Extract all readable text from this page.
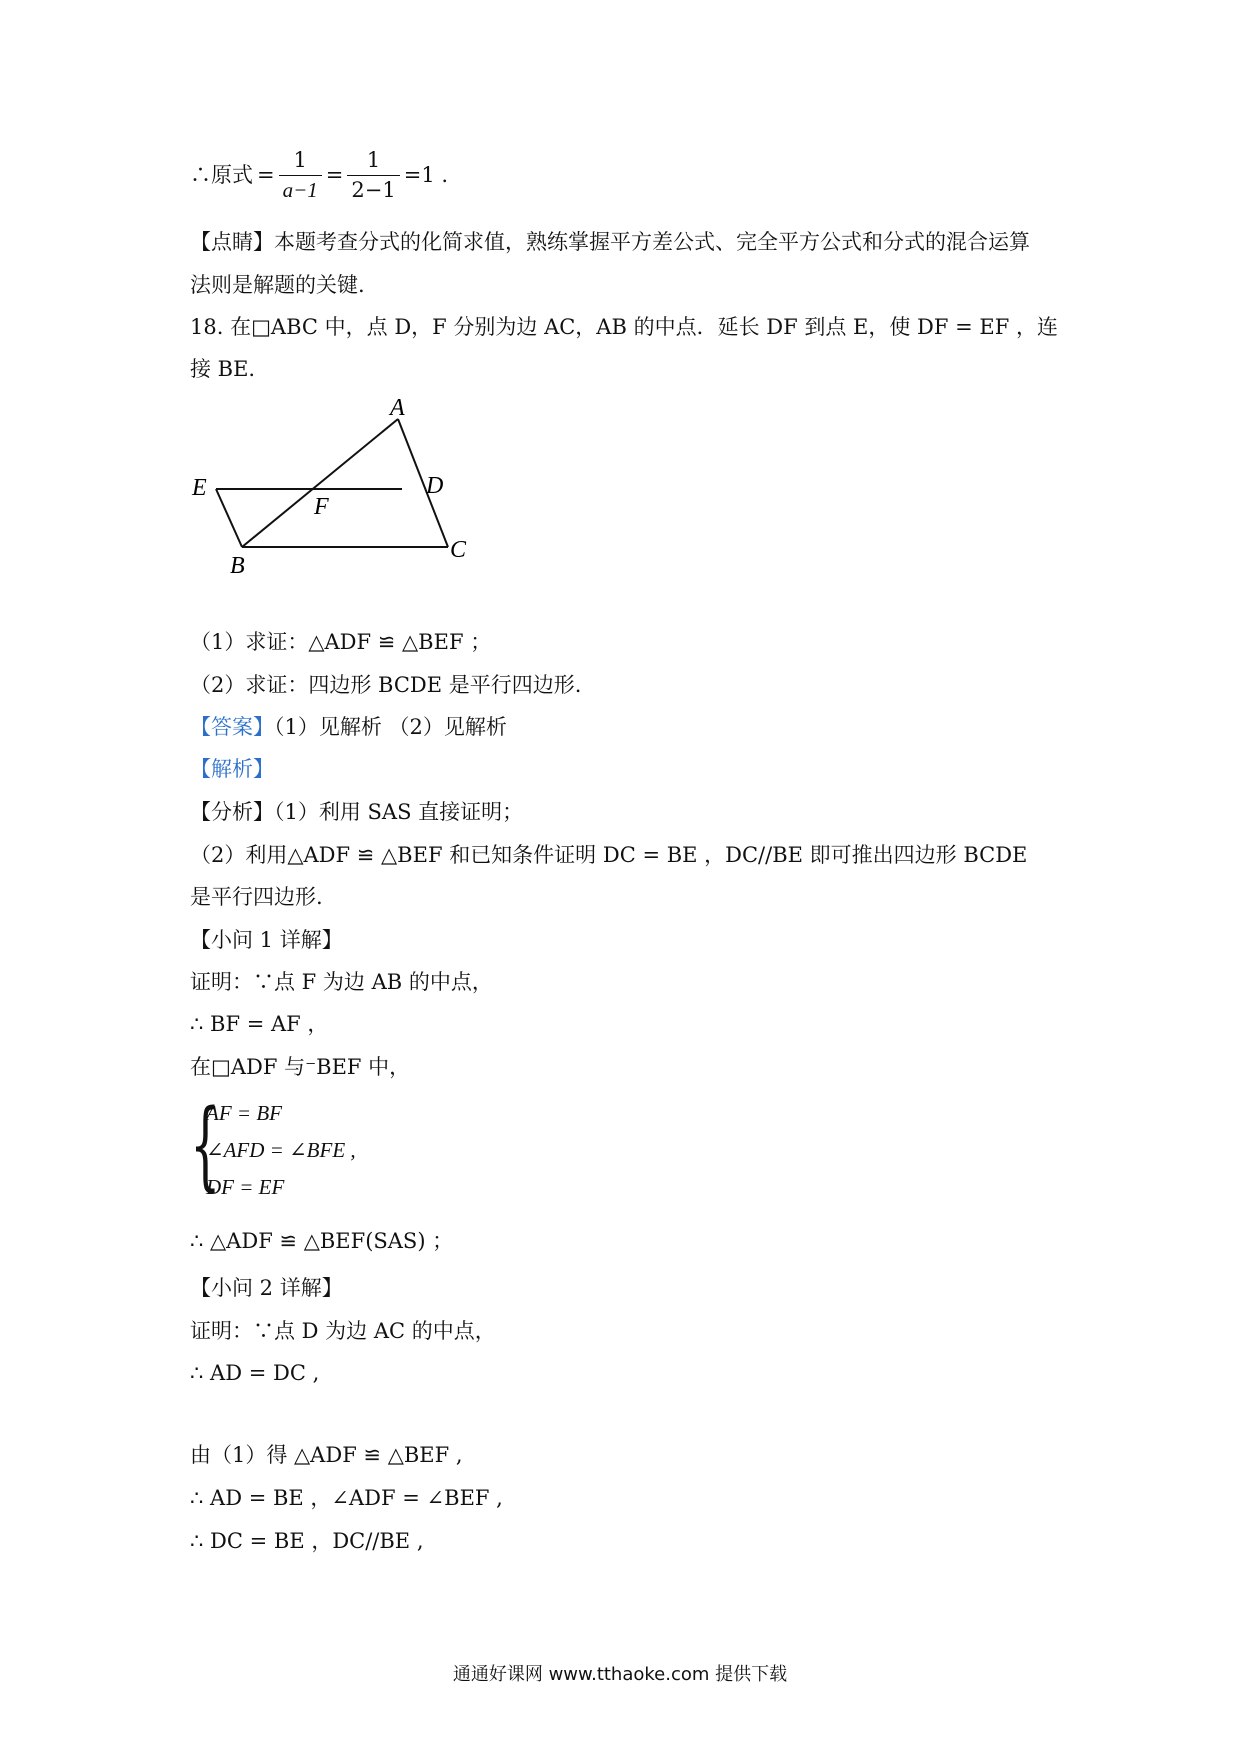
∴原式 = $\frac{1}{a-1} = \frac{1}{2-1} =1$ .
【点睛】本题考查分式的化简求值，熟练掌握平方差公式、完全平方公式和分式的混合运算
法则是解题的关键.
18. 在□ABC 中，点 D，F 分别为边 AC，AB 的中点．延长 DF 到点 E，使 DF = EF ，连
接 BE.
A
E	D
F
B
C
（1）求证：△ADF ≌ △BEF ；
（2）求证：四边形 BCDE 是平行四边形.
【答案】（1）见解析 （2）见解析
【解析】
【分析】（1）利用 SAS 直接证明；
（2）利用△ADF ≌ △BEF 和已知条件证明 DC = BE ，DC//BE 即可推出四边形 BCDE
是平行四边形.
【小问 1 详解】
证明：∵点 F 为边 AB 的中点，
∴ BF = AF ，
在□ADF 与⁻BEF 中，
{
AF = BF
∠AFD = ∠BFE ,
DF = EF
∴ △ADF ≌ △BEF(SAS) ；
【小问 2 详解】
证明：∵点 D 为边 AC 的中点，
∴ AD = DC ,
由（1）得 △ADF ≌ △BEF ,
∴ AD = BE ，∠ADF = ∠BEF ,
∴ DC = BE ，DC//BE ,
通通好课网 www.tthaoke.com 提供下载
